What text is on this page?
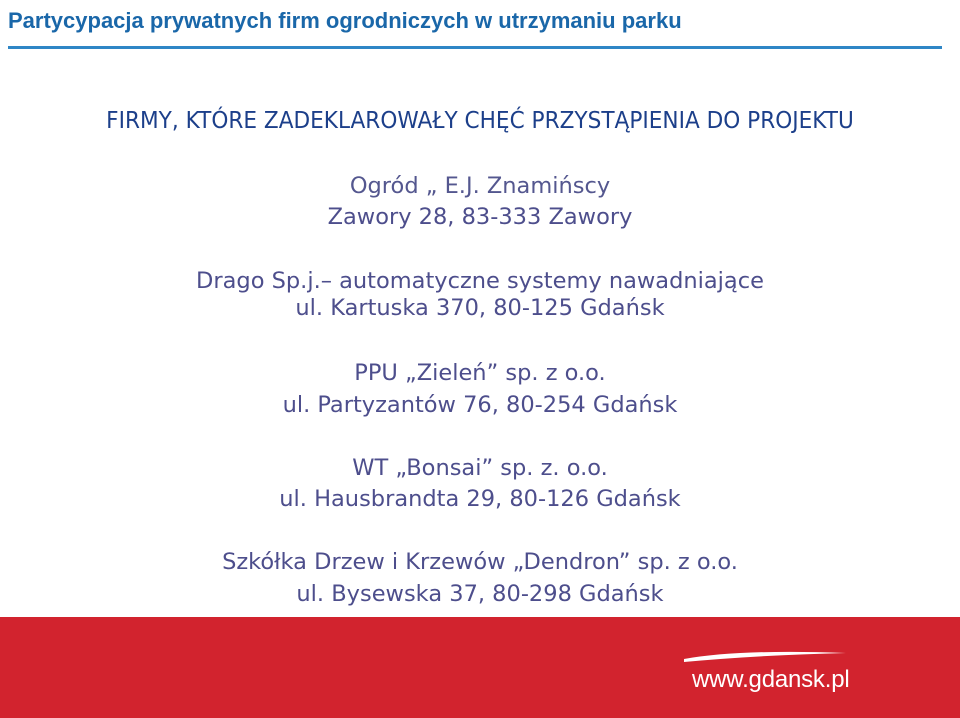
Partycypacja prywatnych firm ogrodniczych w utrzymaniu parku
FIRMY, KTÓRE ZADEKLAROWAŁY CHĘĆ PRZYSTĄPIENIA DO PROJEKTU
Ogród „ E.J. Znamińscy
Zawory 28, 83-333 Zawory
Drago Sp.j.– automatyczne systemy nawadniające
ul. Kartuska 370, 80-125 Gdańsk
PPU „Zieleń” sp. z o.o.
ul. Partyzantów 76, 80-254 Gdańsk
WT „Bonsai” sp. z. o.o.
ul. Hausbrandta 29, 80-126 Gdańsk
Szkółka Drzew i Krzewów „Dendron” sp. z o.o.
ul. Bysewska 37, 80-298 Gdańsk
www.gdansk.pl
